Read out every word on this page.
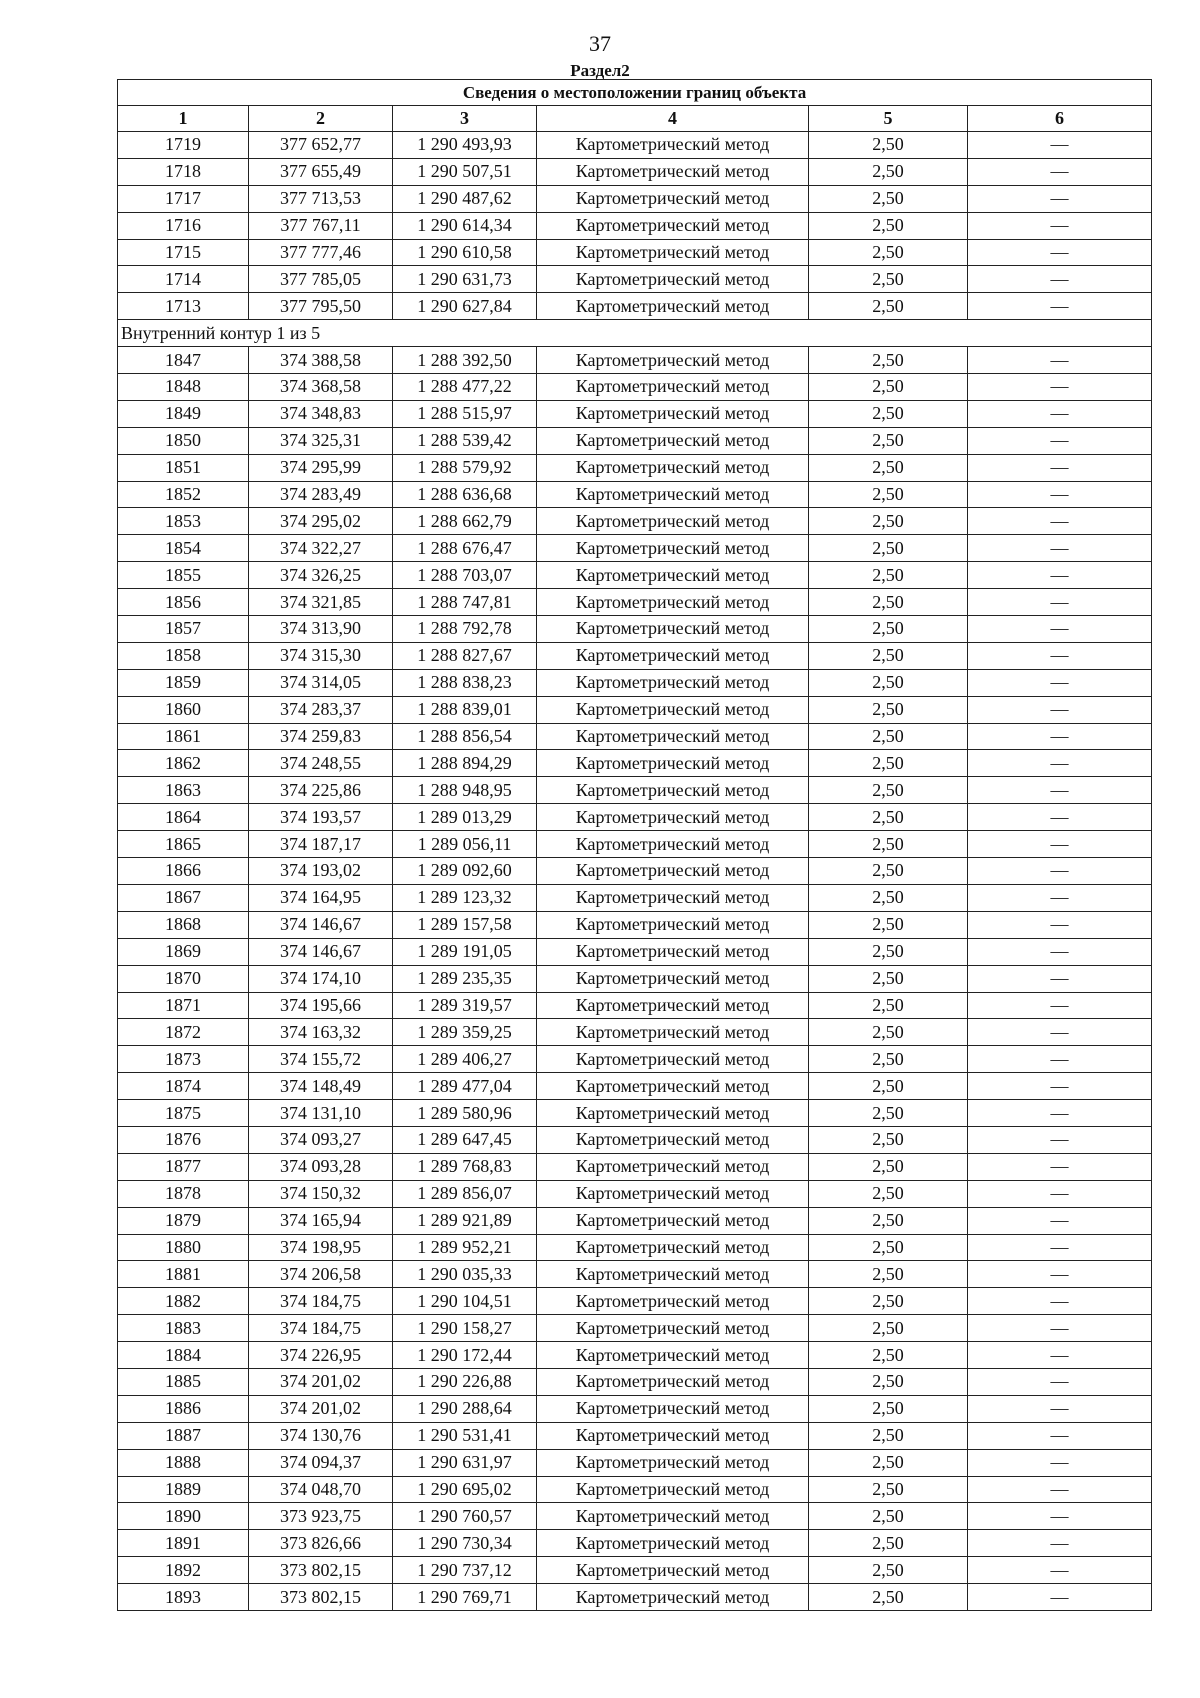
37
Раздел2
Сведения о местоположении границ объекта					
1	2	3	4	5	6
1719	377 652,77	1 290 493,93	Картометрический метод	2,50	—
1718	377 655,49	1 290 507,51	Картометрический метод	2,50	—
1717	377 713,53	1 290 487,62	Картометрический метод	2,50	—
1716	377 767,11	1 290 614,34	Картометрический метод	2,50	—
1715	377 777,46	1 290 610,58	Картометрический метод	2,50	—
1714	377 785,05	1 290 631,73	Картометрический метод	2,50	—
1713	377 795,50	1 290 627,84	Картометрический метод	2,50	—
Внутренний контур 1 из 5					
1847	374 388,58	1 288 392,50	Картометрический метод	2,50	—
1848	374 368,58	1 288 477,22	Картометрический метод	2,50	—
1849	374 348,83	1 288 515,97	Картометрический метод	2,50	—
1850	374 325,31	1 288 539,42	Картометрический метод	2,50	—
1851	374 295,99	1 288 579,92	Картометрический метод	2,50	—
1852	374 283,49	1 288 636,68	Картометрический метод	2,50	—
1853	374 295,02	1 288 662,79	Картометрический метод	2,50	—
1854	374 322,27	1 288 676,47	Картометрический метод	2,50	—
1855	374 326,25	1 288 703,07	Картометрический метод	2,50	—
1856	374 321,85	1 288 747,81	Картометрический метод	2,50	—
1857	374 313,90	1 288 792,78	Картометрический метод	2,50	—
1858	374 315,30	1 288 827,67	Картометрический метод	2,50	—
1859	374 314,05	1 288 838,23	Картометрический метод	2,50	—
1860	374 283,37	1 288 839,01	Картометрический метод	2,50	—
1861	374 259,83	1 288 856,54	Картометрический метод	2,50	—
1862	374 248,55	1 288 894,29	Картометрический метод	2,50	—
1863	374 225,86	1 288 948,95	Картометрический метод	2,50	—
1864	374 193,57	1 289 013,29	Картометрический метод	2,50	—
1865	374 187,17	1 289 056,11	Картометрический метод	2,50	—
1866	374 193,02	1 289 092,60	Картометрический метод	2,50	—
1867	374 164,95	1 289 123,32	Картометрический метод	2,50	—
1868	374 146,67	1 289 157,58	Картометрический метод	2,50	—
1869	374 146,67	1 289 191,05	Картометрический метод	2,50	—
1870	374 174,10	1 289 235,35	Картометрический метод	2,50	—
1871	374 195,66	1 289 319,57	Картометрический метод	2,50	—
1872	374 163,32	1 289 359,25	Картометрический метод	2,50	—
1873	374 155,72	1 289 406,27	Картометрический метод	2,50	—
1874	374 148,49	1 289 477,04	Картометрический метод	2,50	—
1875	374 131,10	1 289 580,96	Картометрический метод	2,50	—
1876	374 093,27	1 289 647,45	Картометрический метод	2,50	—
1877	374 093,28	1 289 768,83	Картометрический метод	2,50	—
1878	374 150,32	1 289 856,07	Картометрический метод	2,50	—
1879	374 165,94	1 289 921,89	Картометрический метод	2,50	—
1880	374 198,95	1 289 952,21	Картометрический метод	2,50	—
1881	374 206,58	1 290 035,33	Картометрический метод	2,50	—
1882	374 184,75	1 290 104,51	Картометрический метод	2,50	—
1883	374 184,75	1 290 158,27	Картометрический метод	2,50	—
1884	374 226,95	1 290 172,44	Картометрический метод	2,50	—
1885	374 201,02	1 290 226,88	Картометрический метод	2,50	—
1886	374 201,02	1 290 288,64	Картометрический метод	2,50	—
1887	374 130,76	1 290 531,41	Картометрический метод	2,50	—
1888	374 094,37	1 290 631,97	Картометрический метод	2,50	—
1889	374 048,70	1 290 695,02	Картометрический метод	2,50	—
1890	373 923,75	1 290 760,57	Картометрический метод	2,50	—
1891	373 826,66	1 290 730,34	Картометрический метод	2,50	—
1892	373 802,15	1 290 737,12	Картометрический метод	2,50	—
1893	373 802,15	1 290 769,71	Картометрический метод	2,50	—
